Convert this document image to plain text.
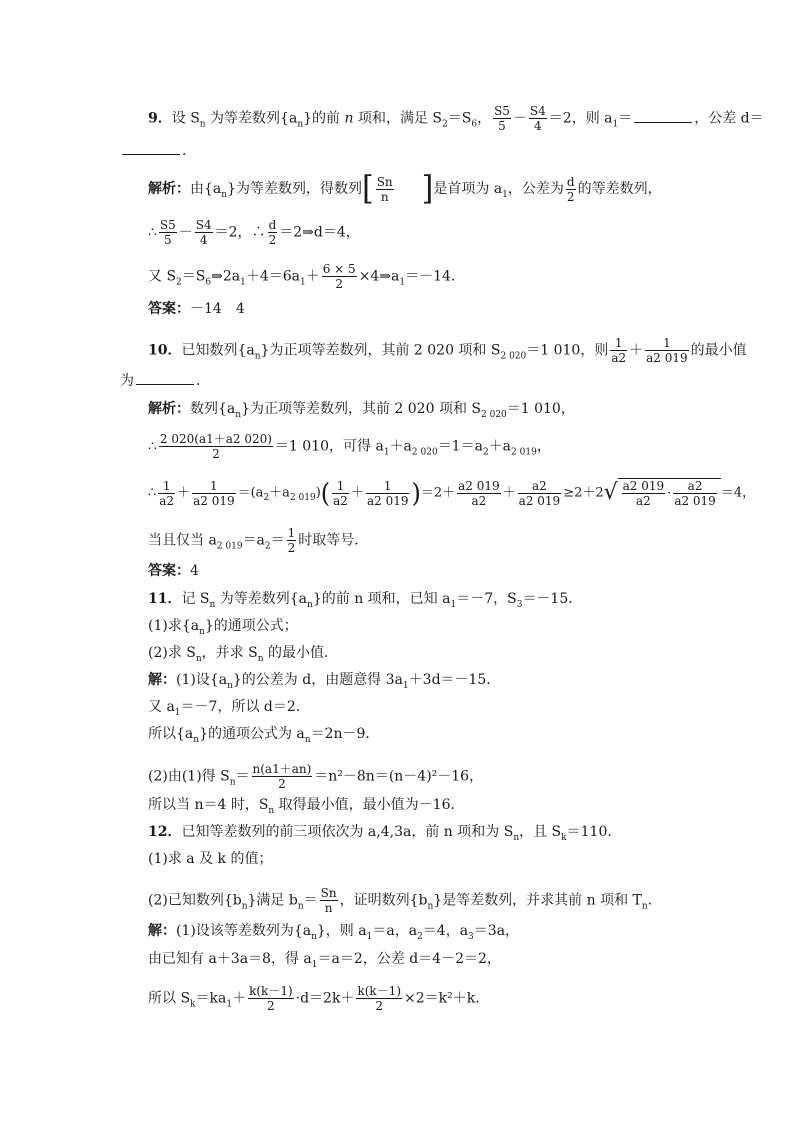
9．设 $S_n$ 为等差数列$\{a_n\}$的前 n 项和，满足 $S_2=S_6$， $\frac{S5}{5} - \frac{S4}{4} =2$，则 $a_1=$	，公差 d＝
．
解析：由$\{a_n\}$为等差数列，得数列[ $\frac{Sn}{n}$ ]是首项为 $a_1$，公差为 $\frac{d}{2}$ 的等差数列，
∴ $\frac{S5}{5} - \frac{S4}{4} =2$，∴ $\frac{d}{2}$ ＝2⇒d＝4，
又 $S_2=S_6\Rightarrow 2a_1+4=6a_1+ \frac{6 \times 5}{2}$ $\times 4\Rightarrow a_1=-14$．
答案：－14　4
10．已知数列$\{a_n\}$为正项等差数列，其前 2 020 项和 $S_{2 020}=1$ 010，则 $\frac{1}{a2} + \frac{1}{a2 019}$ 的最小值
为	．
解析：数列$\{a_n\}$为正项等差数列，其前 2 020 项和 $S_{2 020}=1$ 010，
∴ $\frac{2 020(a1+a2 020)}{2} =1$ 010，可得 $a_1+a_{2 020}=1=a_2+a_{2 019}$，
∴ $\frac{1}{a2} + \frac{1}{a2 019} =(a_2+a_{2 019})( \frac{1}{a2} + \frac{1}{a2 019} )=2+ \frac{a2 019}{a2} + \frac{a2}{a2 019} \ge 2+2√ \frac{a2 019}{a2} \cdot \frac{a2}{a2 019} =4$，
当且仅当 $a_{2 019}=a_2= \frac{1}{2}$ 时取等号．
答案：4
11．记 $S_n$ 为等差数列$\{a_n\}$的前 n 项和，已知 $a_1=-7$，$S_3=-15$．
(1)求$\{a_n\}$的通项公式；
(2)求 $S_n$，并求 $S_n$ 的最小值．
解：(1)设$\{a_n\}$的公差为 d，由题意得 $3a_1+3d=-15$．
又 $a_1=-7$，所以 d＝2．
所以$\{a_n\}$的通项公式为 $a_n=2n-9$．
(2)由(1)得 $S_n= \frac{n(a1+an)}{2} =n^2-8n=(n-4)^2-16$，
所以当 n＝4 时，$S_n$ 取得最小值，最小值为－16．
12．已知等差数列的前三项依次为 a,4,3a，前 n 项和为 $S_n$，且 $S_k=110$．
(1)求 a 及 k 的值；
(2)已知数列$\{b_n\}$满足 $b_n= \frac{Sn}{n}$ ，证明数列$\{b_n\}$是等差数列，并求其前 n 项和 $T_n$．
解：(1)设该等差数列为$\{a_n\}$，则 $a_1=a$，$a_2=4$，$a_3=3a$，
由已知有 a＋3a＝8，得 $a_1=a=2$，公差 d＝4－2＝2，
所以 $S_k=ka_1+ \frac{k(k-1)}{2} \cdot d=2k+ \frac{k(k-1)}{2} \times 2=k^2+k$．
